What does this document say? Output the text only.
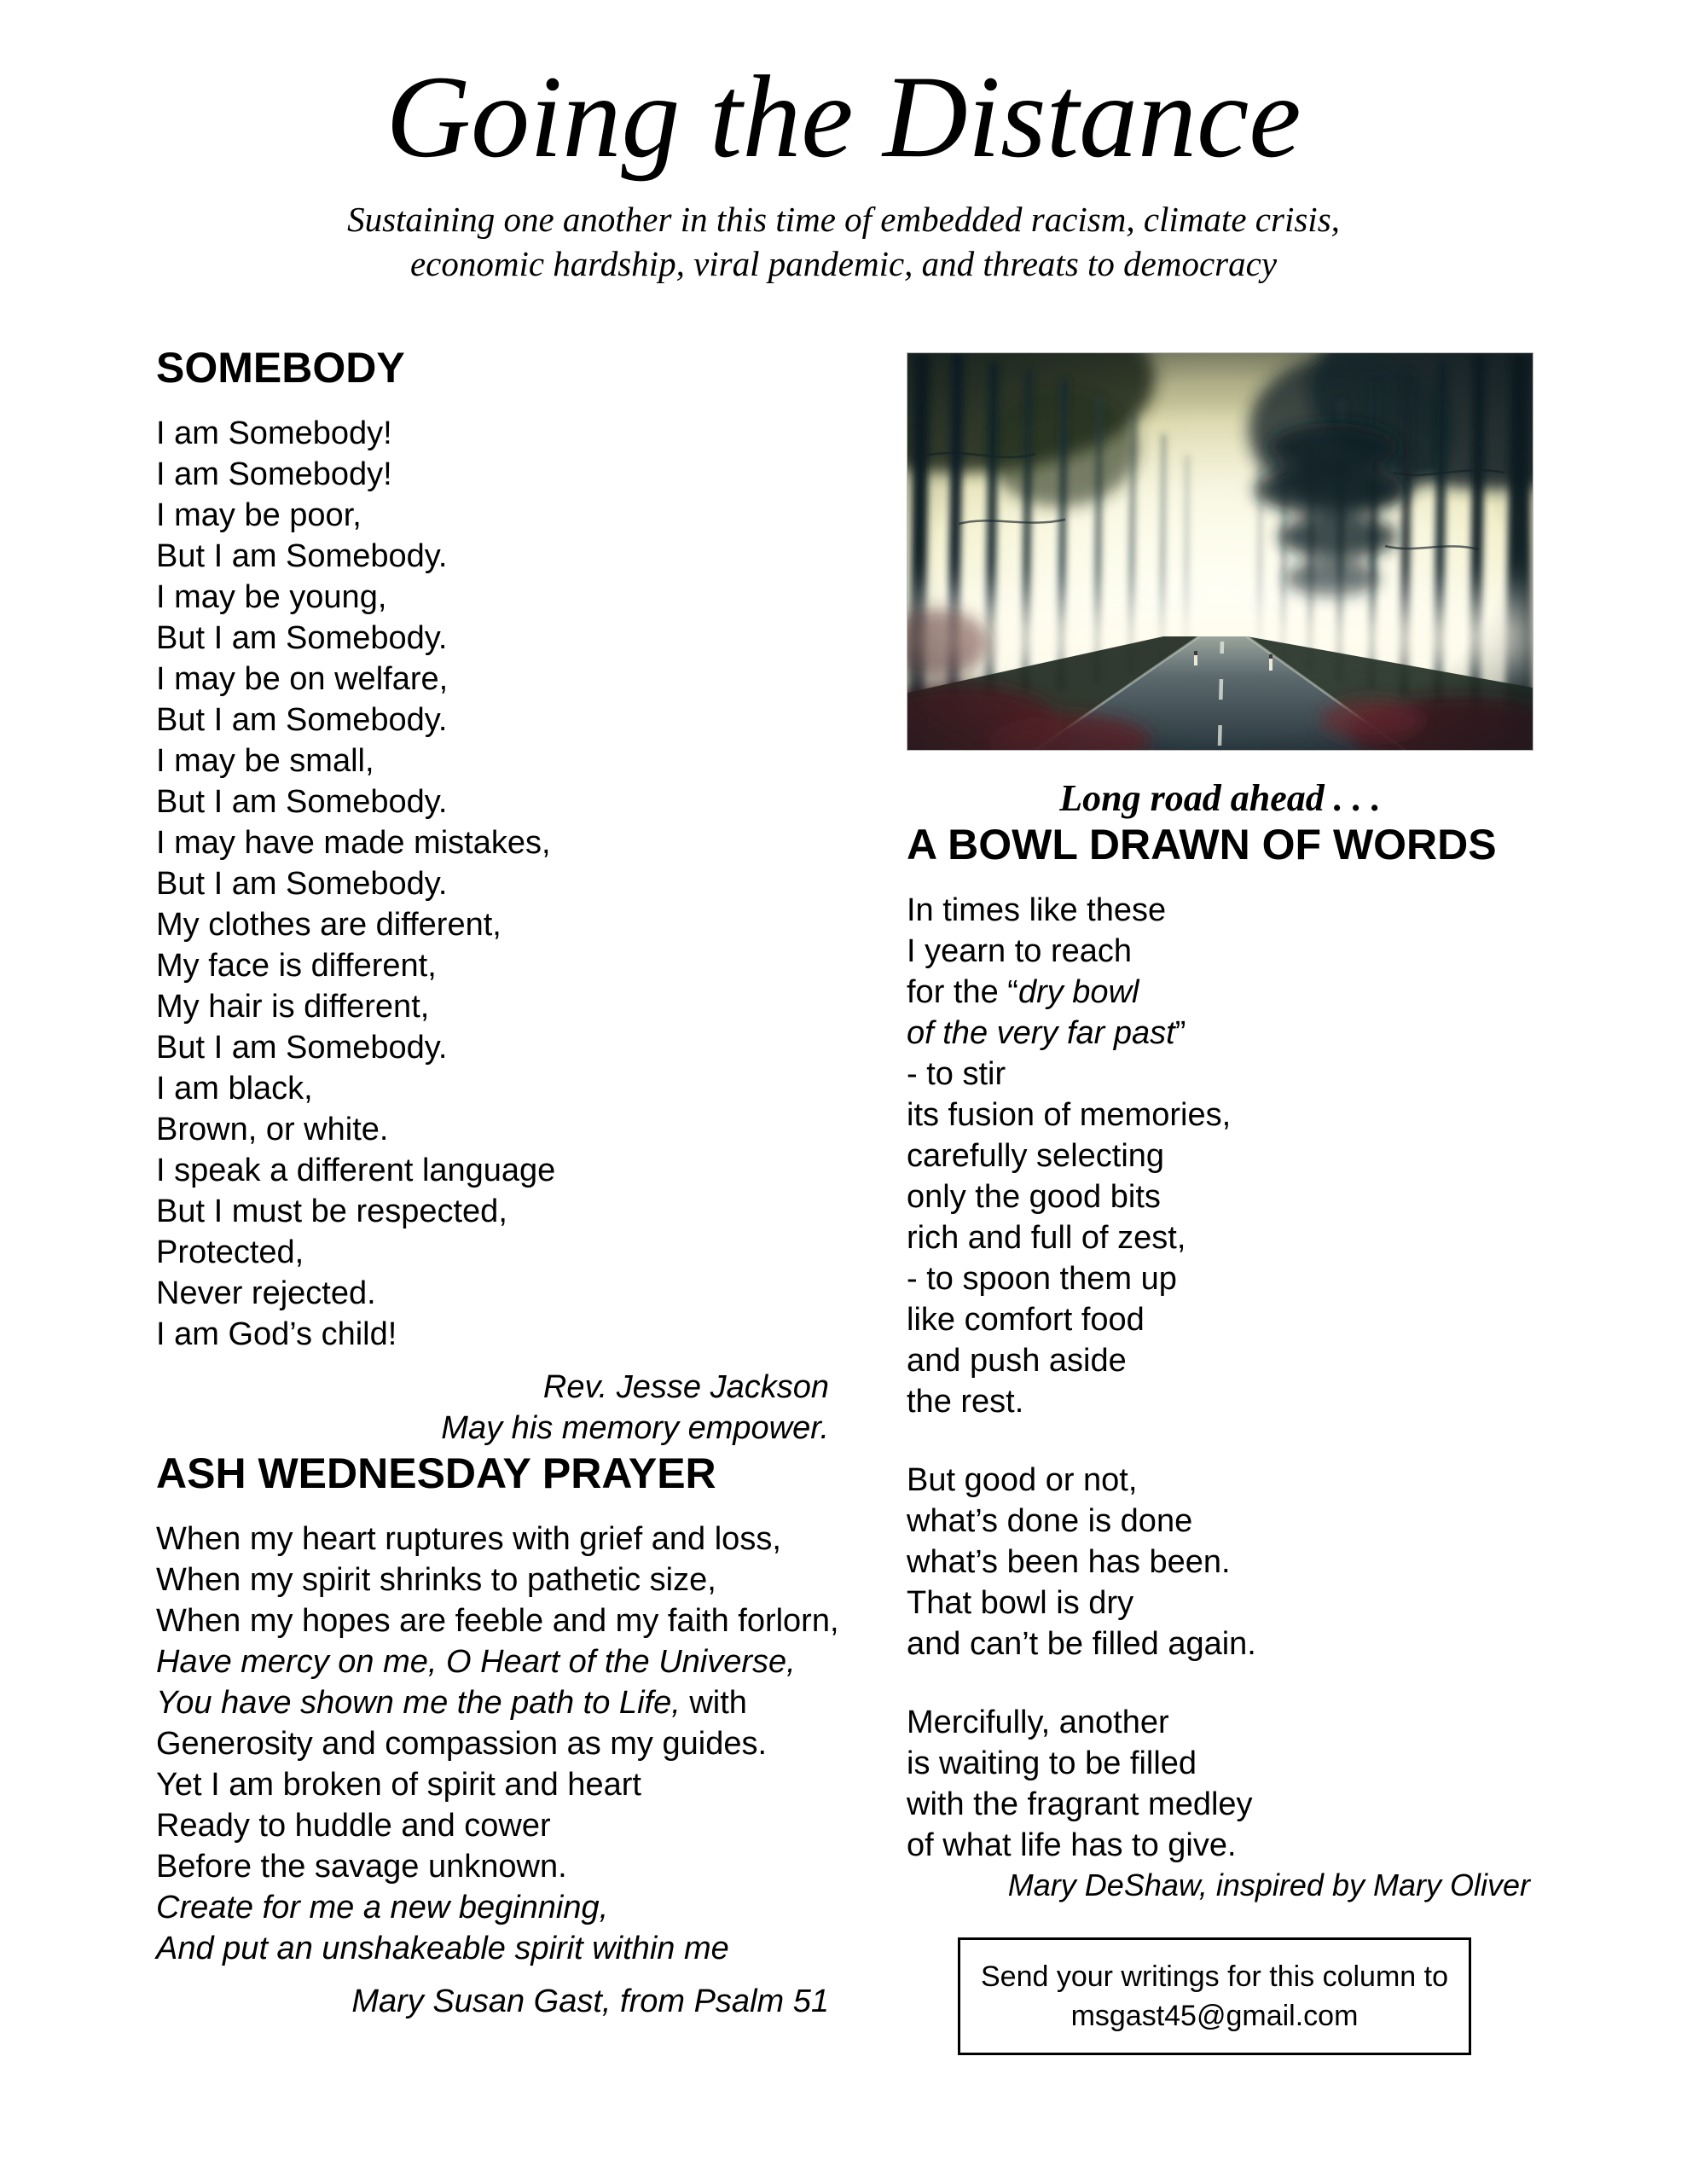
Going the Distance
Sustaining one another in this time of embedded racism, climate crisis,
economic hardship, viral pandemic, and threats to democracy
SOMEBODY
I am Somebody!
I am Somebody!
I may be poor,
But I am Somebody.
I may be young,
But I am Somebody.
I may be on welfare,
But I am Somebody.
I may be small,
But I am Somebody.
I may have made mistakes,
But I am Somebody.
My clothes are different,
My face is different,
My hair is different,
But I am Somebody.
I am black,
Brown, or white.
I speak a different language
But I must be respected,
Protected,
Never rejected.
I am God’s child!
Rev. Jesse Jackson
May his memory empower.
ASH WEDNESDAY PRAYER
When my heart ruptures with grief and loss,
When my spirit shrinks to pathetic size,
When my hopes are feeble and my faith forlorn,
Have mercy on me, O Heart of the Universe,
You have shown me the path to Life, with
Generosity and compassion as my guides.
Yet I am broken of spirit and heart
Ready to huddle and cower
Before the savage unknown.
Create for me a new beginning,
And put an unshakeable spirit within me
Mary Susan Gast, from Psalm 51
Long road ahead . . .
A BOWL DRAWN OF WORDS
In times like these
I yearn to reach
for the “dry bowl
of the very far past”
- to stir
its fusion of memories,
carefully selecting
only the good bits
rich and full of zest,
- to spoon them up
like comfort food
and push aside
the rest.
But good or not,
what’s done is done
what’s been has been.
That bowl is dry
and can’t be filled again.
Mercifully, another
is waiting to be filled
with the fragrant medley
of what life has to give.
Mary DeShaw, inspired by Mary Oliver
Send your writings for this column to
msgast45@gmail.com
